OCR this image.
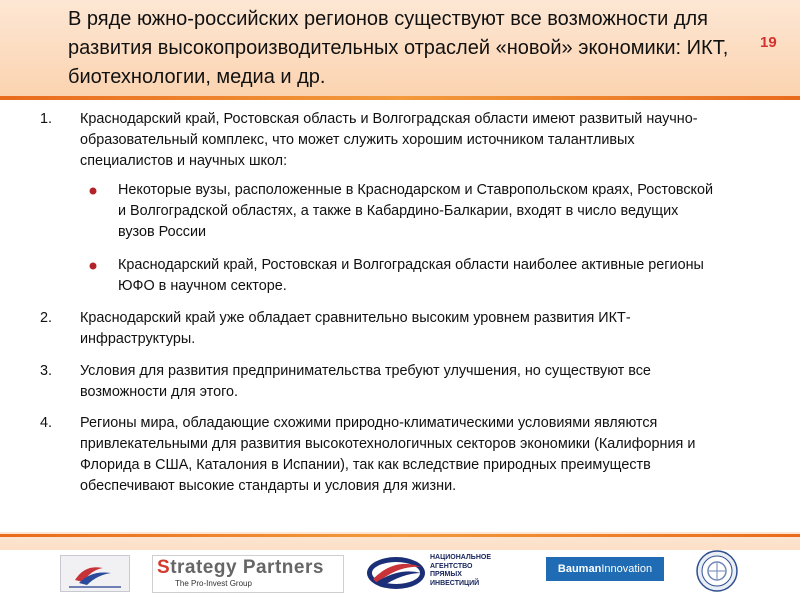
В ряде южно-российских регионов существуют все возможности для развития высокопроизводительных отраслей «новой» экономики: ИКТ, биотехнологии, медиа и др.
19
1. Краснодарский край, Ростовская область и Волгоградская области имеют развитый научно-образовательный комплекс, что может служить хорошим источником талантливых специалистов и научных школ:
Некоторые вузы, расположенные в Краснодарском и Ставропольском краях, Ростовской и Волгоградской областях, а также в Кабардино-Балкарии, входят в число ведущих вузов России
Краснодарский край, Ростовская и Волгоградская области наиболее активные регионы ЮФО в научном секторе.
2. Краснодарский край уже обладает сравнительно высоким уровнем развития ИКТ-инфраструктуры.
3. Условия для развития предпринимательства требуют улучшения, но существуют все возможности для этого.
4. Регионы мира, обладающие схожими природно-климатическими условиями являются привлекательными для развития высокотехнологичных секторов экономики (Калифорния и Флорида в США, Каталония в Испании), так как вследствие природных преимуществ обеспечивают высокие стандарты и условия для жизни.
Strategy Partners
The Pro-Invest Group
НАЦИОНАЛЬНОЕ
АГЕНТСТВО
ПРЯМЫХ
ИНВЕСТИЦИЙ
BaumanInnovation
